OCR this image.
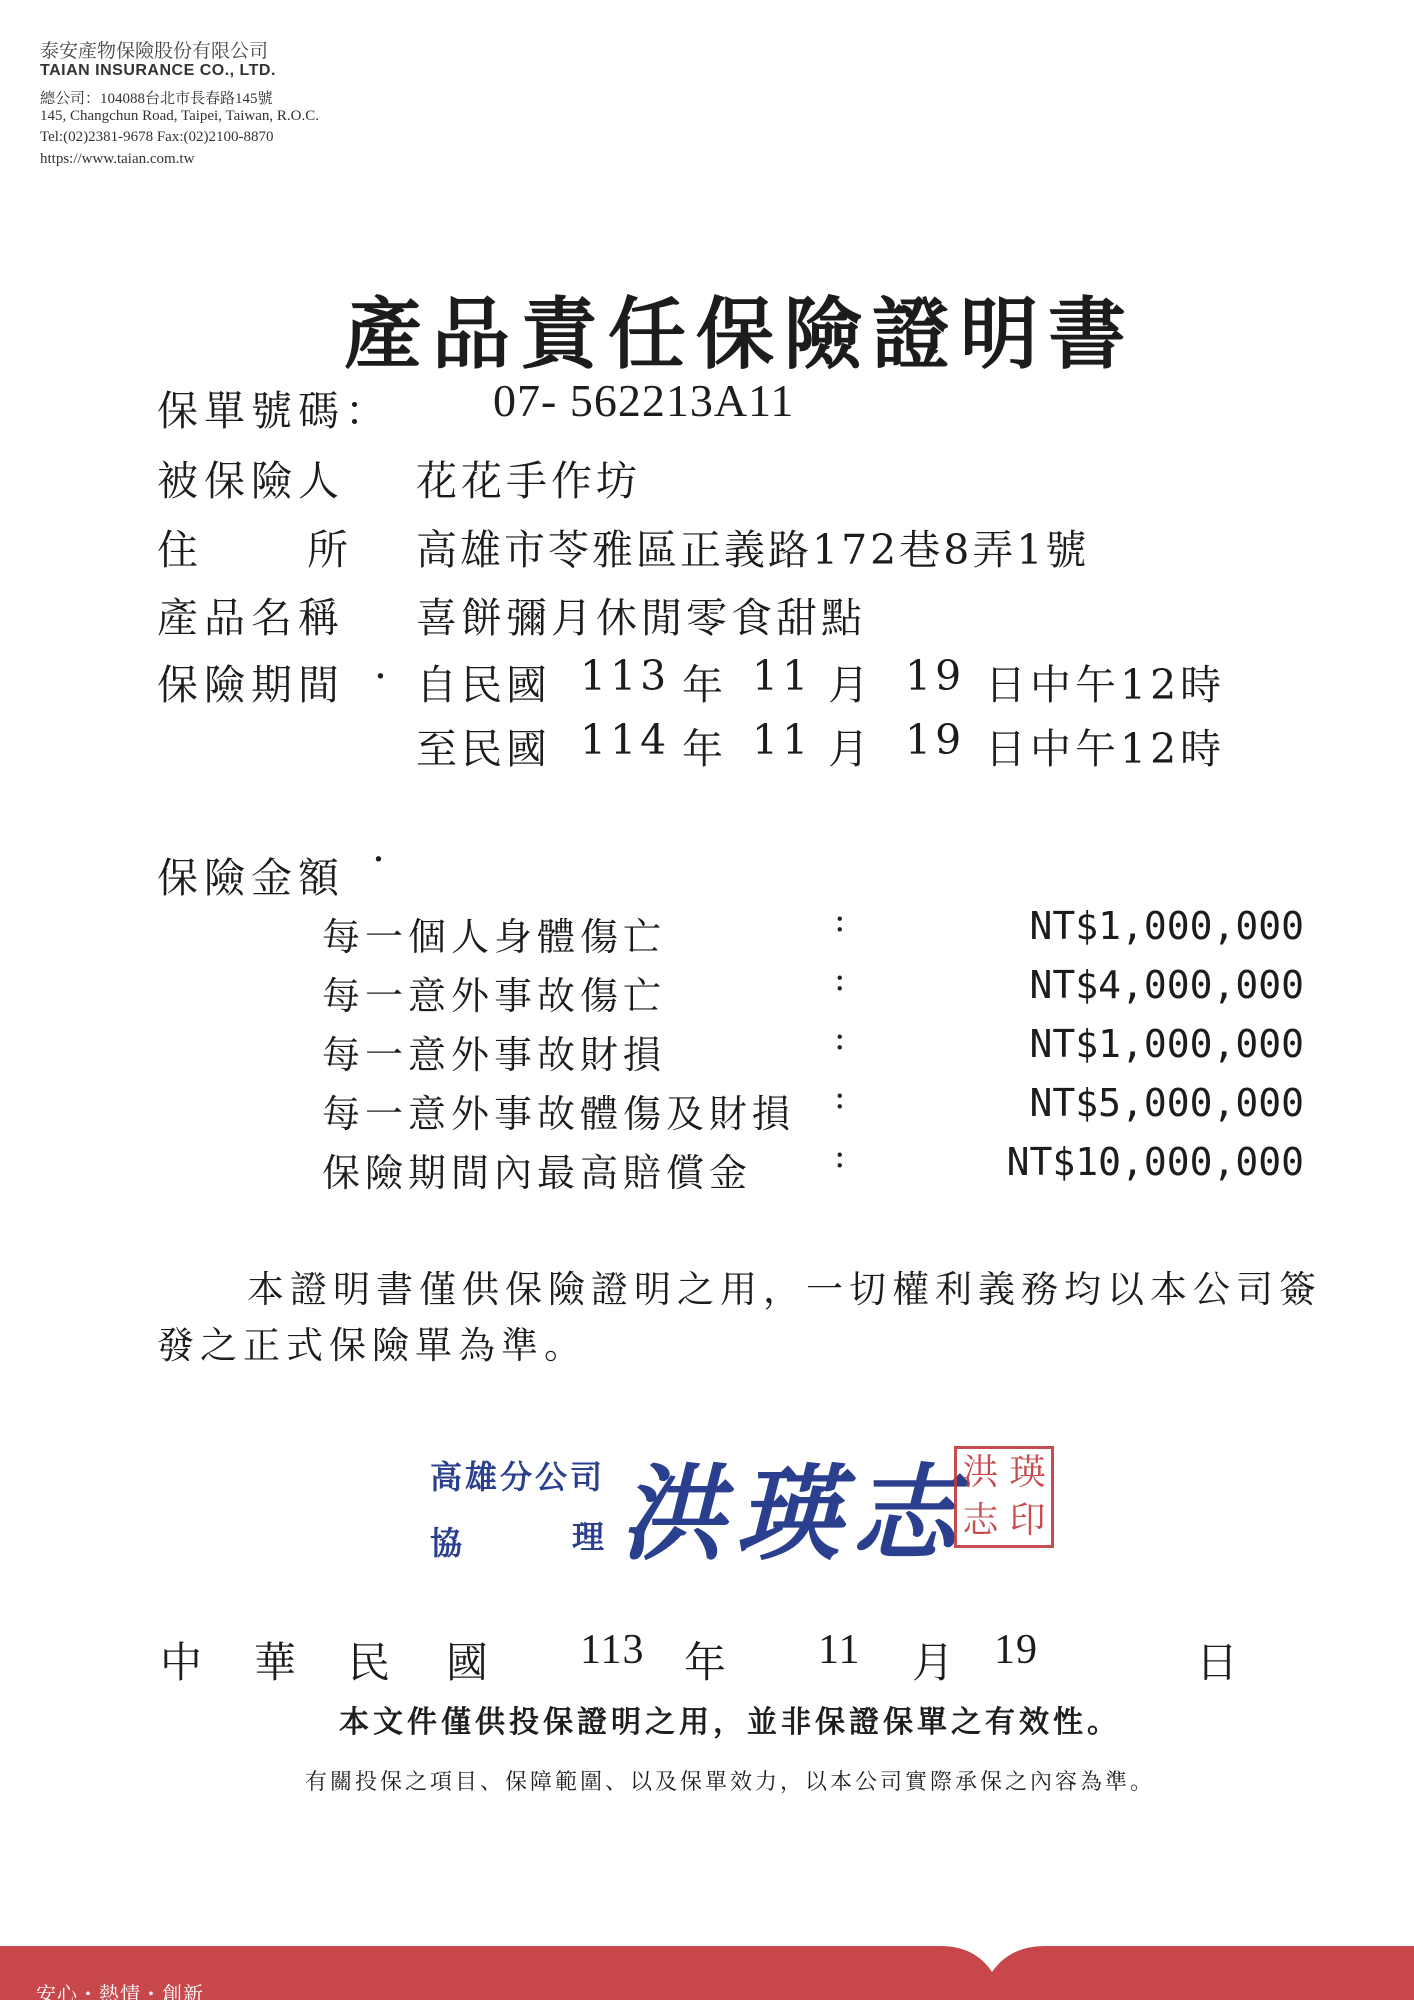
泰安產物保險股份有限公司
TAIAN INSURANCE CO., LTD.
總公司：104088台北市長春路145號
145, Changchun Road, Taipei, Taiwan, R.O.C.
Tel:(02)2381-9678 Fax:(02)2100-8870
https://www.taian.com.tw
產品責任保險證明書
保單號碼： 07- 562213A11
被保險人 花花手作坊
住	所 高雄市苓雅區正義路172巷8弄1號
產品名稱 喜餅彌月休閒零食甜點
保險期間 · 自民國 113 年 11 月 19 日中午12時
至民國 114 年 11 月 19 日中午12時
保險金額 ·
每一個人身體傷亡	:	NT$1,000,000
每一意外事故傷亡	:	NT$4,000,000
每一意外事故財損	:	NT$1,000,000
每一意外事故體傷及財損 :	NT$5,000,000
保險期間內最高賠償金 :	NT$10,000,000
本證明書僅供保險證明之用，一切權利義務均以本公司簽發之正式保險單為準。
高雄分公司
協	理 洪瑛志
洪 瑛
志 印
中 華 民 國 113 年 11 月 19	日
本文件僅供投保證明之用，並非保證保單之有效性。
有關投保之項目、保障範圍、以及保單效力，以本公司實際承保之內容為準。
安心・熱情・創新
